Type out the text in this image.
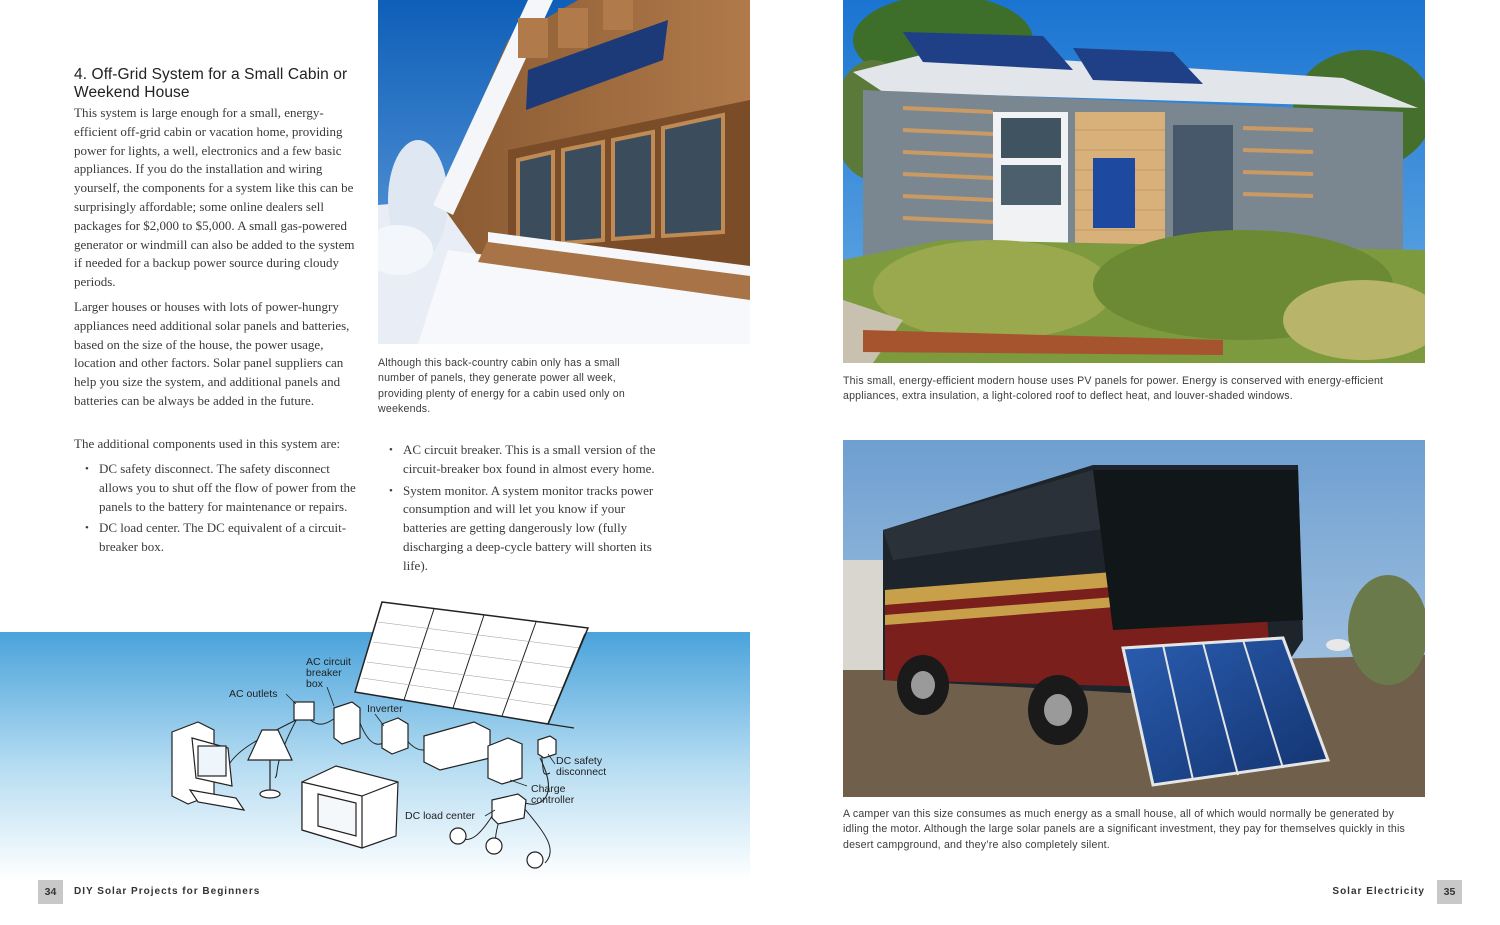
4. Off-Grid System for a Small Cabin or Weekend House

This system is large enough for a small, energy-efficient off-grid cabin or vacation home, providing power for lights, a well, electronics and a few basic appliances. If you do the installation and wiring yourself, the components for a system like this can be surprisingly affordable; some online dealers sell packages for $2,000 to $5,000. A small gas-powered generator or windmill can also be added to the system if needed for a backup power source during cloudy periods.

Larger houses or houses with lots of power-hungry appliances need additional solar panels and batteries, based on the size of the house, the power usage, location and other factors. Solar panel suppliers can help you size the system, and additional panels and batteries can be always be added in the future.

The additional components used in this system are:

• DC safety disconnect. The safety disconnect allows you to shut off the flow of power from the panels to the battery for maintenance or repairs.
• DC load center. The DC equivalent of a circuit-breaker box.
• AC circuit breaker. This is a small version of the circuit-breaker box found in almost every home.
• System monitor. A system monitor tracks power consumption and will let you know if your batteries are getting dangerously low (fully discharging a deep-cycle battery will shorten its life).
Although this back-country cabin only has a small number of panels, they generate power all week, providing plenty of energy for a cabin used only on weekends.
AC circuit
breaker
box
AC outlets
Inverter
DC safety
disconnect
Charge
controller
DC load center
This small, energy-efficient modern house uses PV panels for power. Energy is conserved with energy-efficient appliances, extra insulation, a light-colored roof to deflect heat, and louver-shaded windows.
A camper van this size consumes as much energy as a small house, all of which would normally be generated by idling the motor. Although the large solar panels are a significant investment, they pay for themselves quickly in this desert campground, and they’re also completely silent.
34	DIY Solar Projects for Beginners	Solar Electricity	35
